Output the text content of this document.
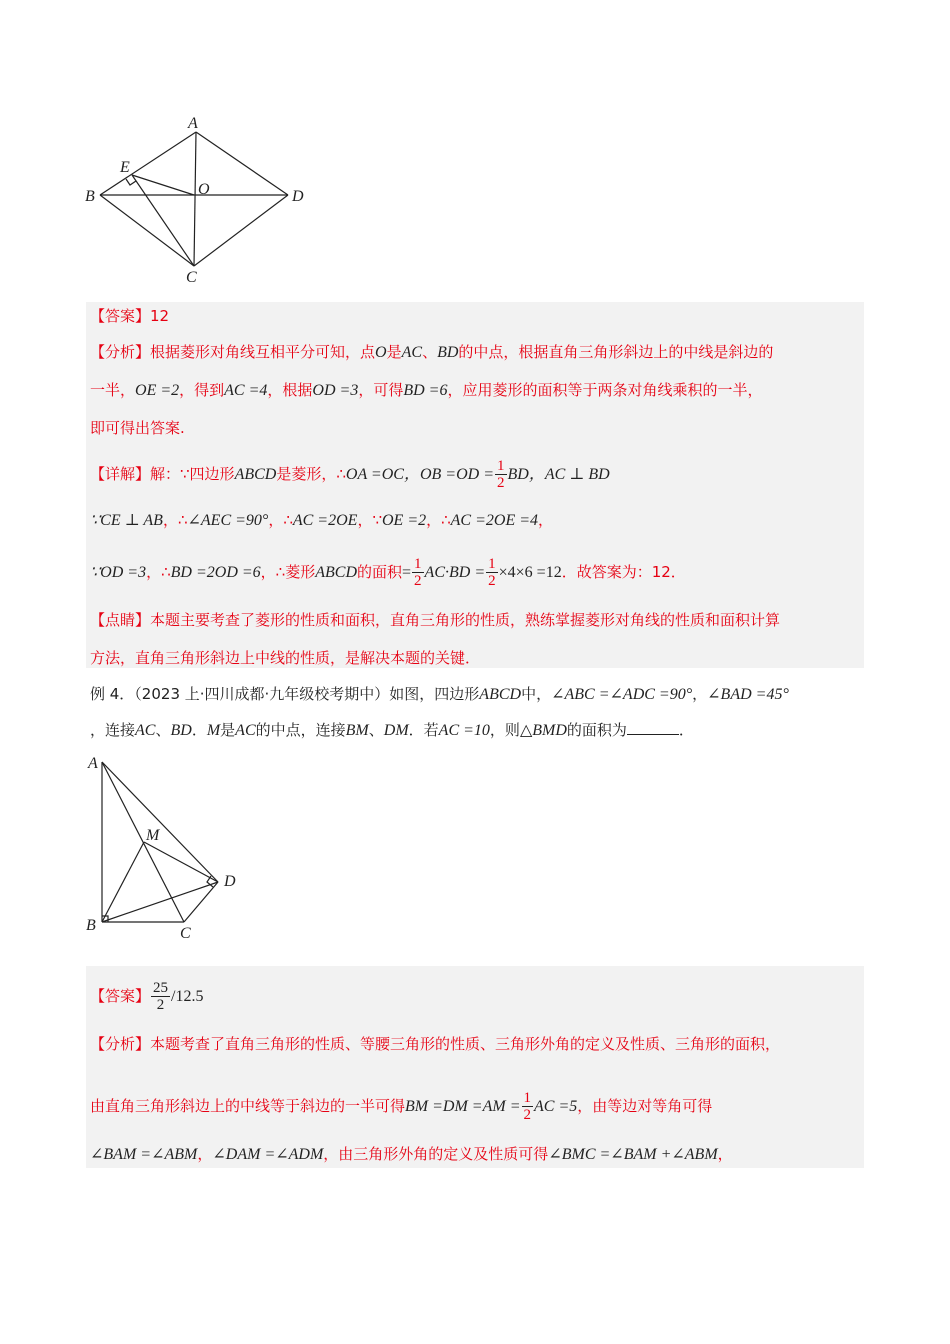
A
E
O
B	D
C
【答案】12
【分析】根据菱形对角线互相平分可知，点O是AC、BD的中点，根据直角三角形斜边上的中线是斜边的
一半，OE =2，得到AC =4，根据OD =3，可得BD =6，应用菱形的面积等于两条对角线乘积的一半，
即可得出答案.
【详解】解：∵四边形ABCD是菱形，∴OA =OC，OB $=OD = \frac{1}{2}$ BD，AC ⊥ BD
∵CE ⊥ AB，∴∠AEC =90°，∴AC =2OE，∵OE =2，∴AC =2OE =4，
∵OD =3，∴BD =2OD =6，∴菱形ABCD的面积= $\frac{1}{2} AC\cdot BD = \frac{1}{2} \times 4\times 6 =12$．故答案为：12．
【点睛】本题主要考查了菱形的性质和面积，直角三角形的性质，熟练掌握菱形对角线的性质和面积计算
方法，直角三角形斜边上中线的性质，是解决本题的关键．
例 4．（2023 上·四川成都·九年级校考期中）如图，四边形ABCD中，∠ABC =∠ADC =90°，∠BAD =45°
，连接AC、BD．M是AC的中点，连接BM、DM．若AC =10，则△BMD的面积为	．
A
M
D
B	C
【答案】 $\frac{25}{2} /12.5$
【分析】本题考查了直角三角形的性质、等腰三角形的性质、三角形外角的定义及性质、三角形的面积，
由直角三角形斜边上的中线等于斜边的一半可得BM $=DM =AM = \frac{1}{2}$ AC =5，由等边对等角可得
∠BAM =∠ABM，∠DAM =∠ADM，由三角形外角的定义及性质可得∠BMC =∠BAM +∠ABM，
